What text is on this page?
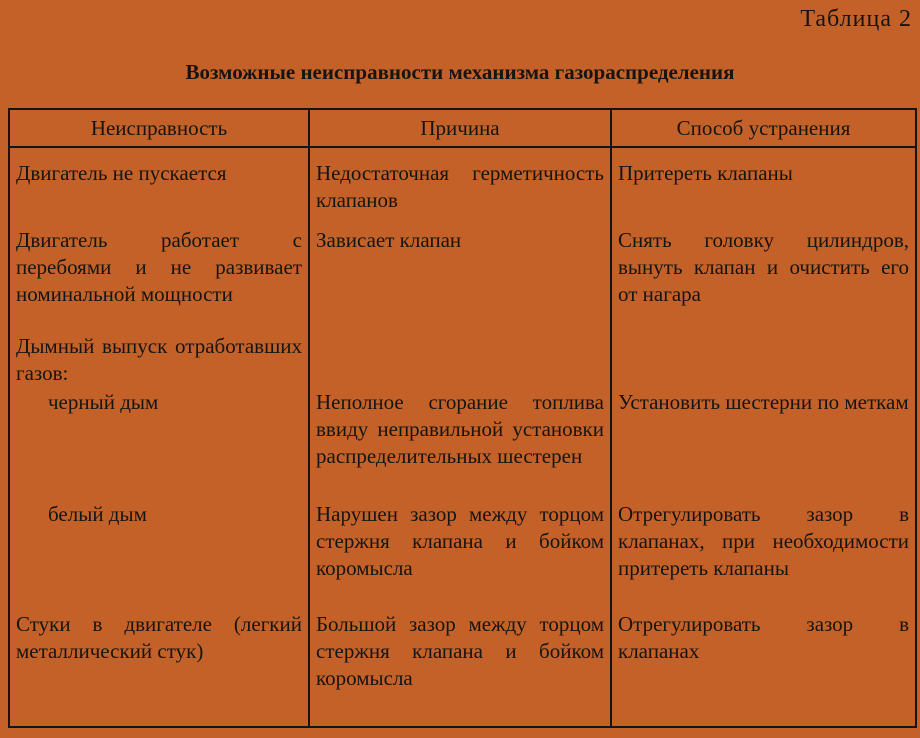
Таблица 2
Возможные неисправности механизма газораспределения
Неисправность	Причина	Способ устранения
Двигатель не пускается	Недостаточная герметичность клапанов	Притереть клапаны
Двигатель работает с перебоями и не развивает номинальной мощности	Зависает клапан	Снять головку цилиндров, вынуть клапан и очистить его от нагара
Дымный выпуск отработавших газов:		
черный дым	Неполное сгорание топлива ввиду неправильной установки распределительных шестерен	Установить шестерни по меткам
белый дым	Нарушен зазор между торцом стержня клапана и бойком коромысла	Отрегулировать зазор в клапанах, при необходимости притереть клапаны
Стуки в двигателе (легкий металлический стук)	Большой зазор между торцом стержня клапана и бойком коромысла	Отрегулировать зазор в клапанах
